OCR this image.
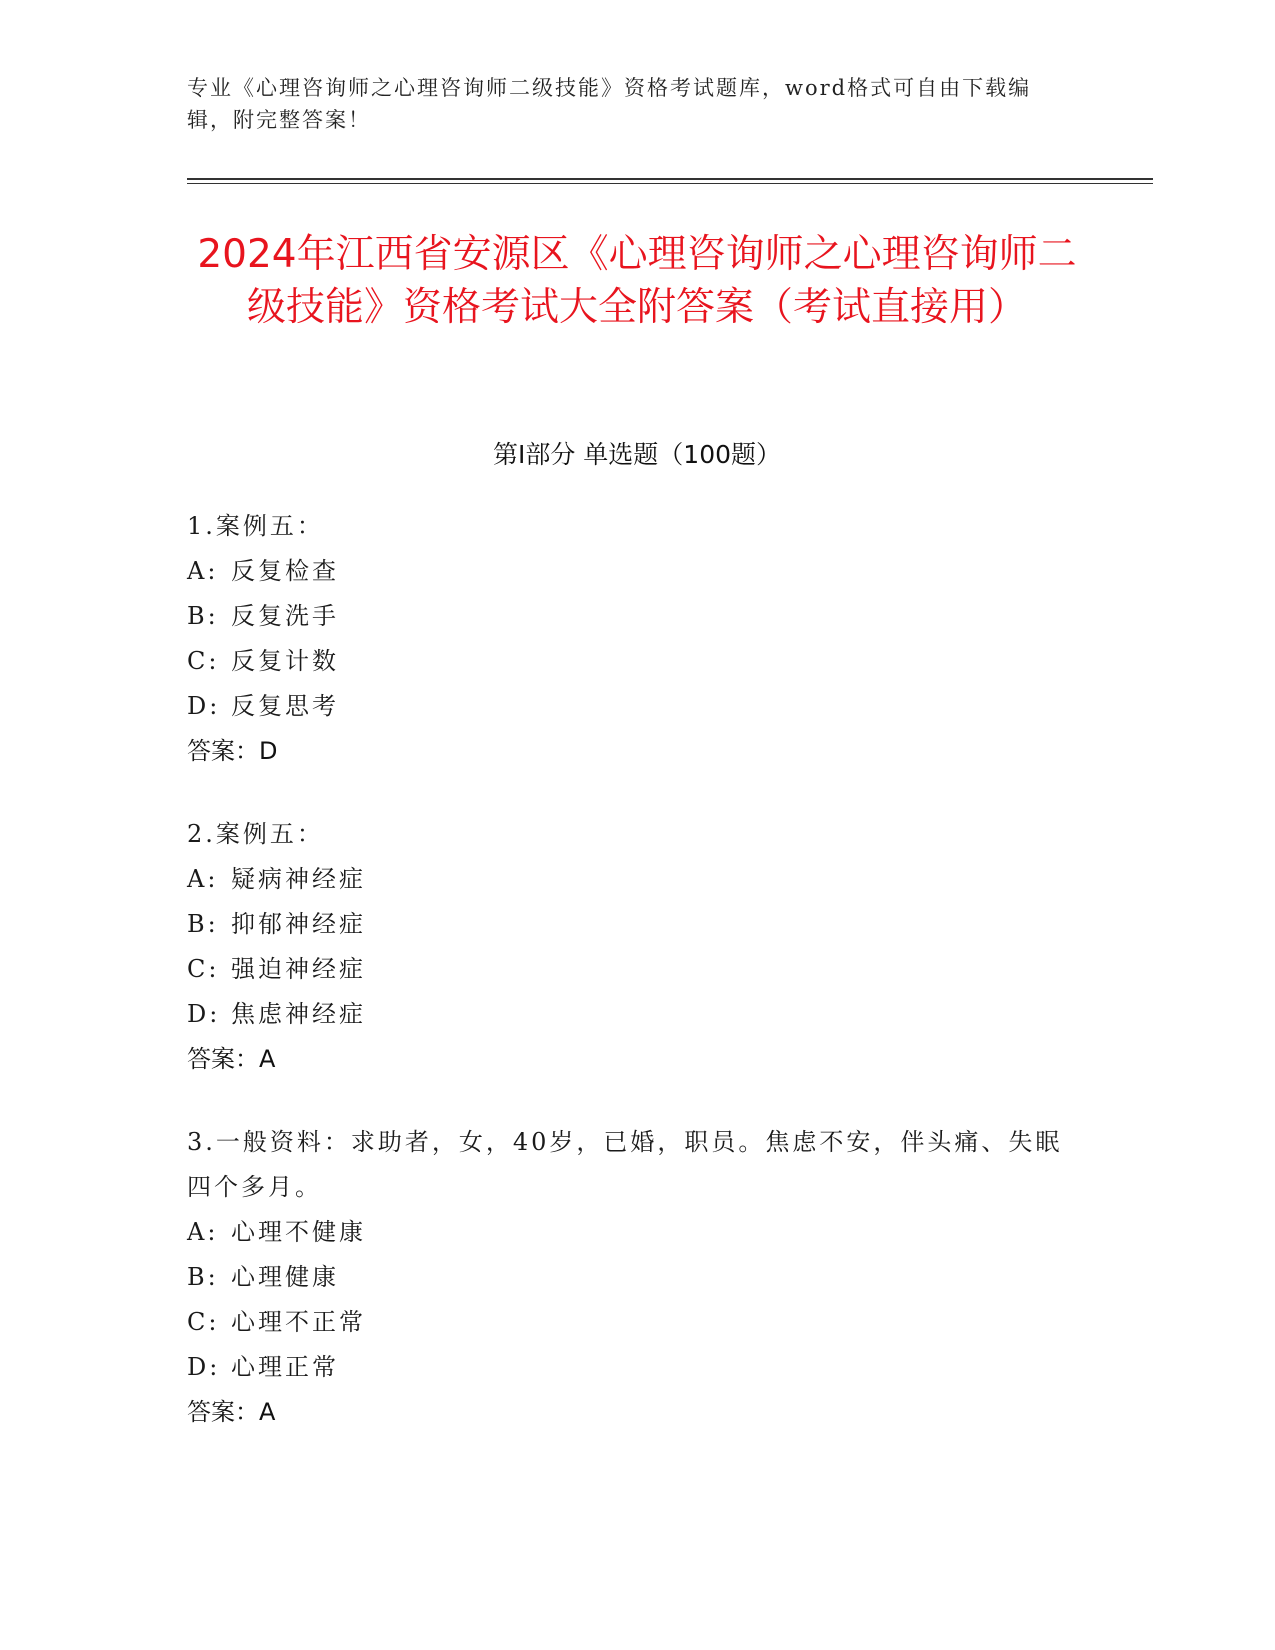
专业《心理咨询师之心理咨询师二级技能》资格考试题库，word格式可自由下载编辑，附完整答案！
2024年江西省安源区《心理咨询师之心理咨询师二级技能》资格考试大全附答案（考试直接用）
第Ⅰ部分 单选题（100题）
1.案例五：
A: 反复检查
B: 反复洗手
C: 反复计数
D: 反复思考
答案：D
2.案例五：
A: 疑病神经症
B: 抑郁神经症
C: 强迫神经症
D: 焦虑神经症
答案：A
3.一般资料：求助者，女，40岁，已婚，职员。焦虑不安，伴头痛、失眠四个多月。
A: 心理不健康
B: 心理健康
C: 心理不正常
D: 心理正常
答案：A
